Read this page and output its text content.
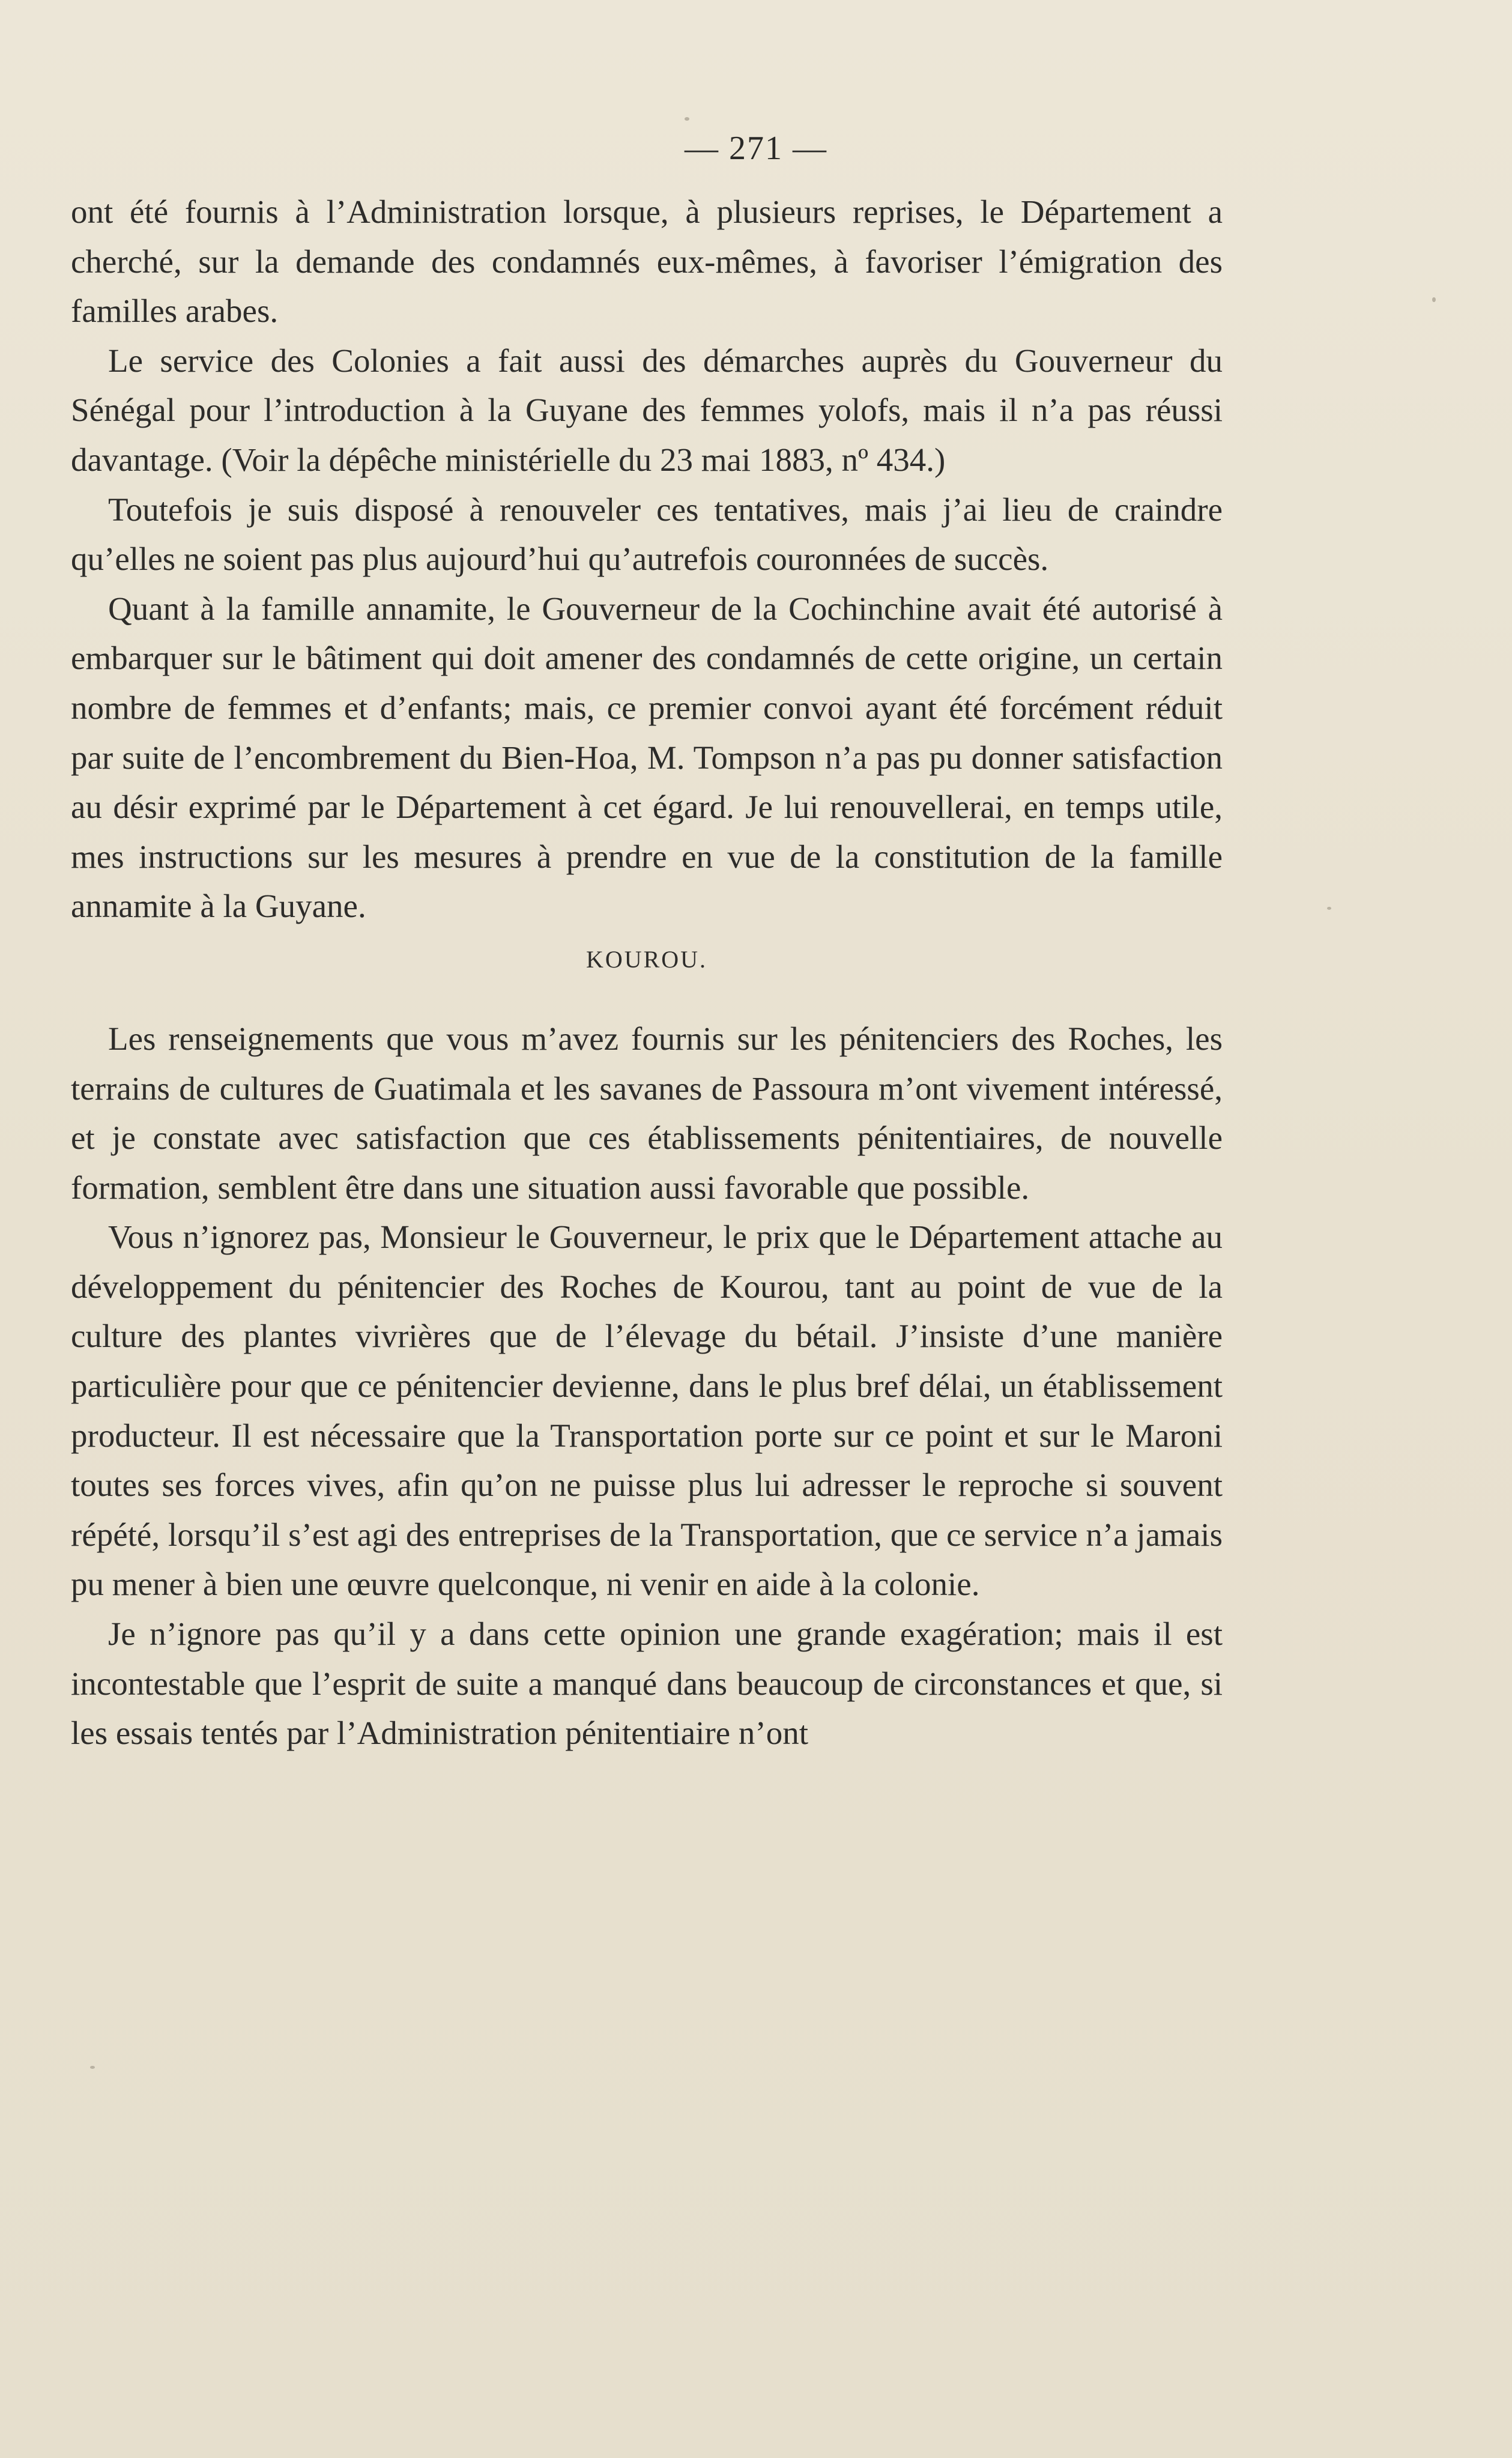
— 271 —

ont été fournis à l’Administration lorsque, à plusieurs reprises, le Département a cherché, sur la demande des condamnés eux-mêmes, à favoriser l’émigration des familles arabes.

Le service des Colonies a fait aussi des démarches auprès du Gouverneur du Sénégal pour l’introduction à la Guyane des femmes yolofs, mais il n’a pas réussi davantage. (Voir la dépêche ministérielle du 23 mai 1883, nº 434.)

Toutefois je suis disposé à renouveler ces tentatives, mais j’ai lieu de craindre qu’elles ne soient pas plus aujourd’hui qu’autrefois couronnées de succès.

Quant à la famille annamite, le Gouverneur de la Cochinchine avait été autorisé à embarquer sur le bâtiment qui doit amener des condamnés de cette origine, un certain nombre de femmes et d’enfants; mais, ce premier convoi ayant été forcément réduit par suite de l’encombrement du Bien-Hoa, M. Tompson n’a pas pu donner satisfaction au désir exprimé par le Département à cet égard. Je lui renouvellerai, en temps utile, mes instructions sur les mesures à prendre en vue de la constitution de la famille annamite à la Guyane.

KOUROU.

Les renseignements que vous m’avez fournis sur les pénitenciers des Roches, les terrains de cultures de Guatimala et les savanes de Passoura m’ont vivement intéressé, et je constate avec satisfaction que ces établissements pénitentiaires, de nouvelle formation, semblent être dans une situation aussi favorable que possible.

Vous n’ignorez pas, Monsieur le Gouverneur, le prix que le Département attache au développement du pénitencier des Roches de Kourou, tant au point de vue de la culture des plantes vivrières que de l’élevage du bétail. J’insiste d’une manière particulière pour que ce pénitencier devienne, dans le plus bref délai, un établissement producteur. Il est nécessaire que la Transportation porte sur ce point et sur le Maroni toutes ses forces vives, afin qu’on ne puisse plus lui adresser le reproche si souvent répété, lorsqu’il s’est agi des entreprises de la Transportation, que ce service n’a jamais pu mener à bien une œuvre quelconque, ni venir en aide à la colonie.

Je n’ignore pas qu’il y a dans cette opinion une grande exagération; mais il est incontestable que l’esprit de suite a manqué dans beaucoup de circonstances et que, si les essais tentés par l’Administration pénitentiaire n’ont
